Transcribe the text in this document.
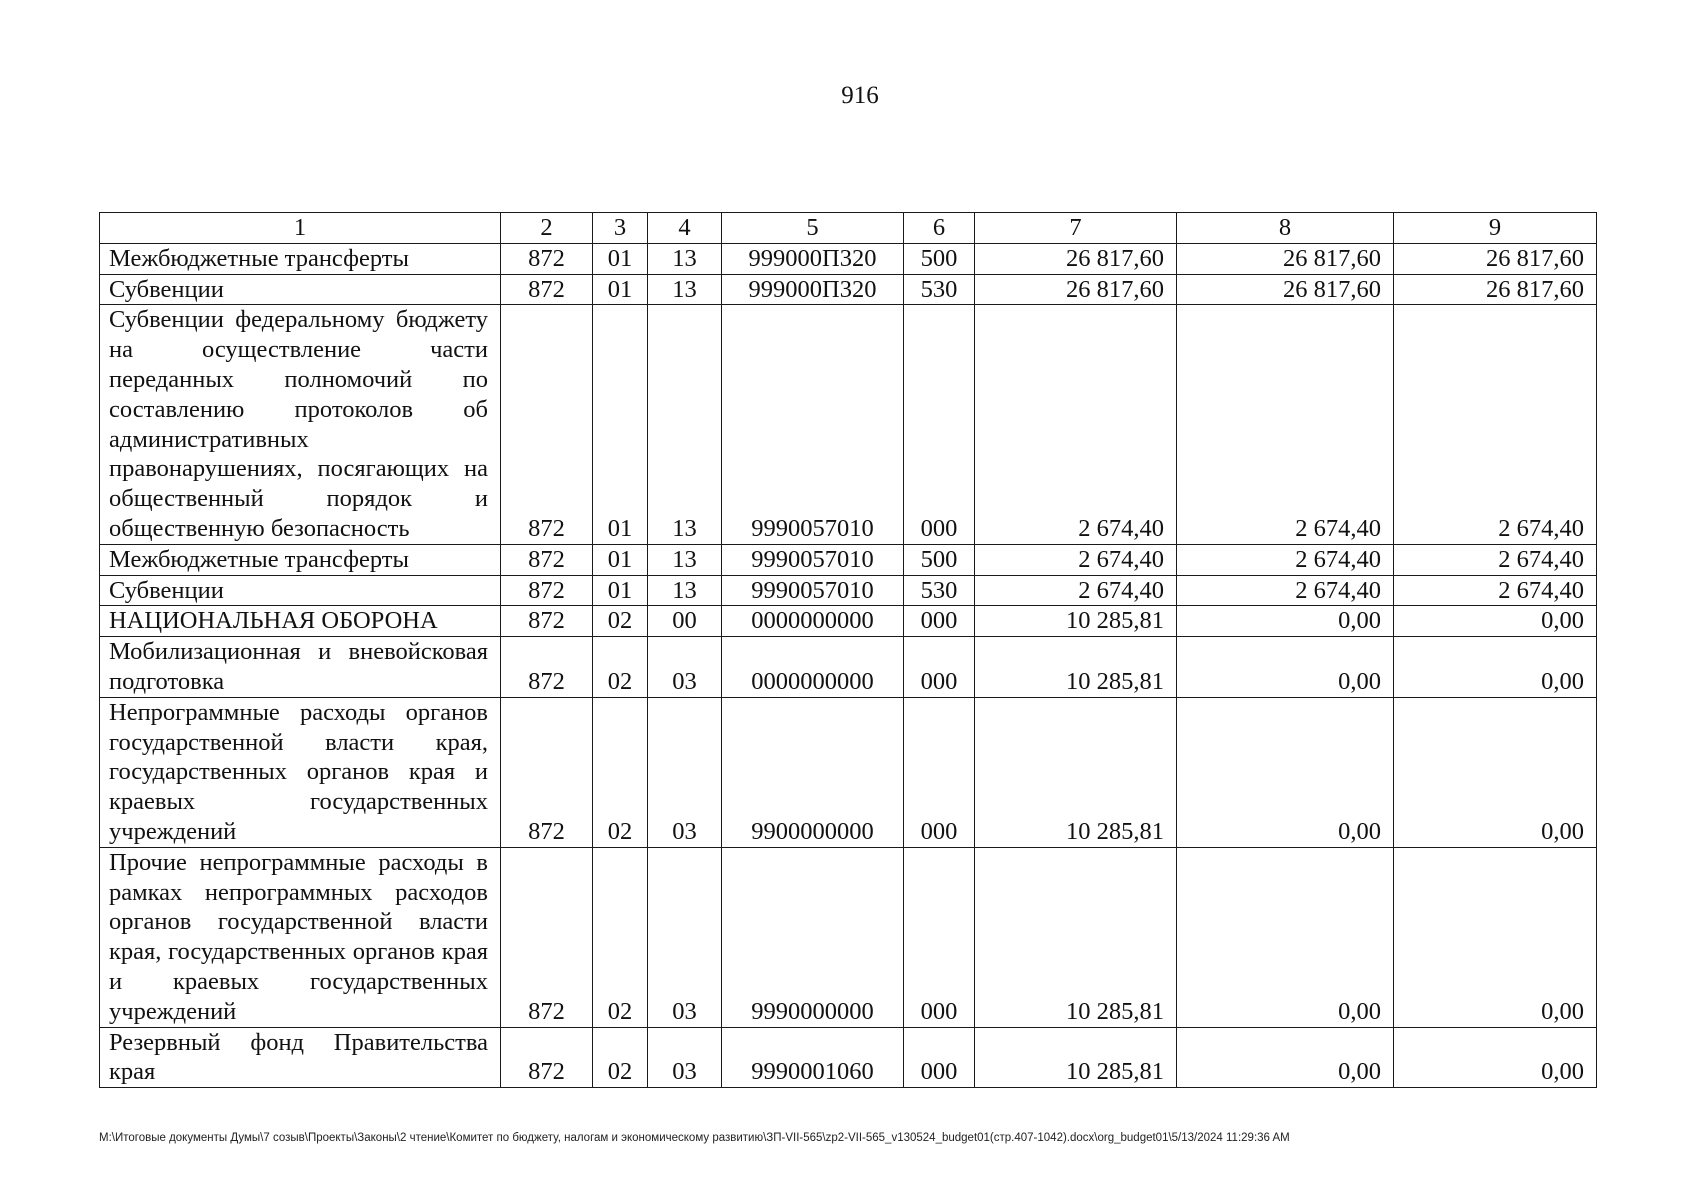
916
1	2	3	4	5	6	7	8	9
Межбюджетные трансферты	872	01	13	999000П320	500	26 817,60	26 817,60	26 817,60
Субвенции	872	01	13	999000П320	530	26 817,60	26 817,60	26 817,60
Субвенции федеральному бюджету на осуществление части переданных полномочий по составлению протоколов об административных правонарушениях, посягающих на общественный порядок и общественную безопасность	872	01	13	9990057010	000	2 674,40	2 674,40	2 674,40
Межбюджетные трансферты	872	01	13	9990057010	500	2 674,40	2 674,40	2 674,40
Субвенции	872	01	13	9990057010	530	2 674,40	2 674,40	2 674,40
НАЦИОНАЛЬНАЯ ОБОРОНА	872	02	00	0000000000	000	10 285,81	0,00	0,00
Мобилизационная и вневойсковая подготовка	872	02	03	0000000000	000	10 285,81	0,00	0,00
Непрограммные расходы органов государственной власти края, государственных органов края и краевых государственных учреждений	872	02	03	9900000000	000	10 285,81	0,00	0,00
Прочие непрограммные расходы в рамках непрограммных расходов органов государственной власти края, государственных органов края и краевых государственных учреждений	872	02	03	9990000000	000	10 285,81	0,00	0,00
Резервный фонд Правительства края	872	02	03	9990001060	000	10 285,81	0,00	0,00
M:\Итоговые документы Думы\7 созыв\Проекты\Законы\2 чтение\Комитет по бюджету, налогам и экономическому развитию\ЗП-VII-565\zp2-VII-565_v130524_budget01(стр.407-1042).docx\org_budget01\5/13/2024 11:29:36 AM
